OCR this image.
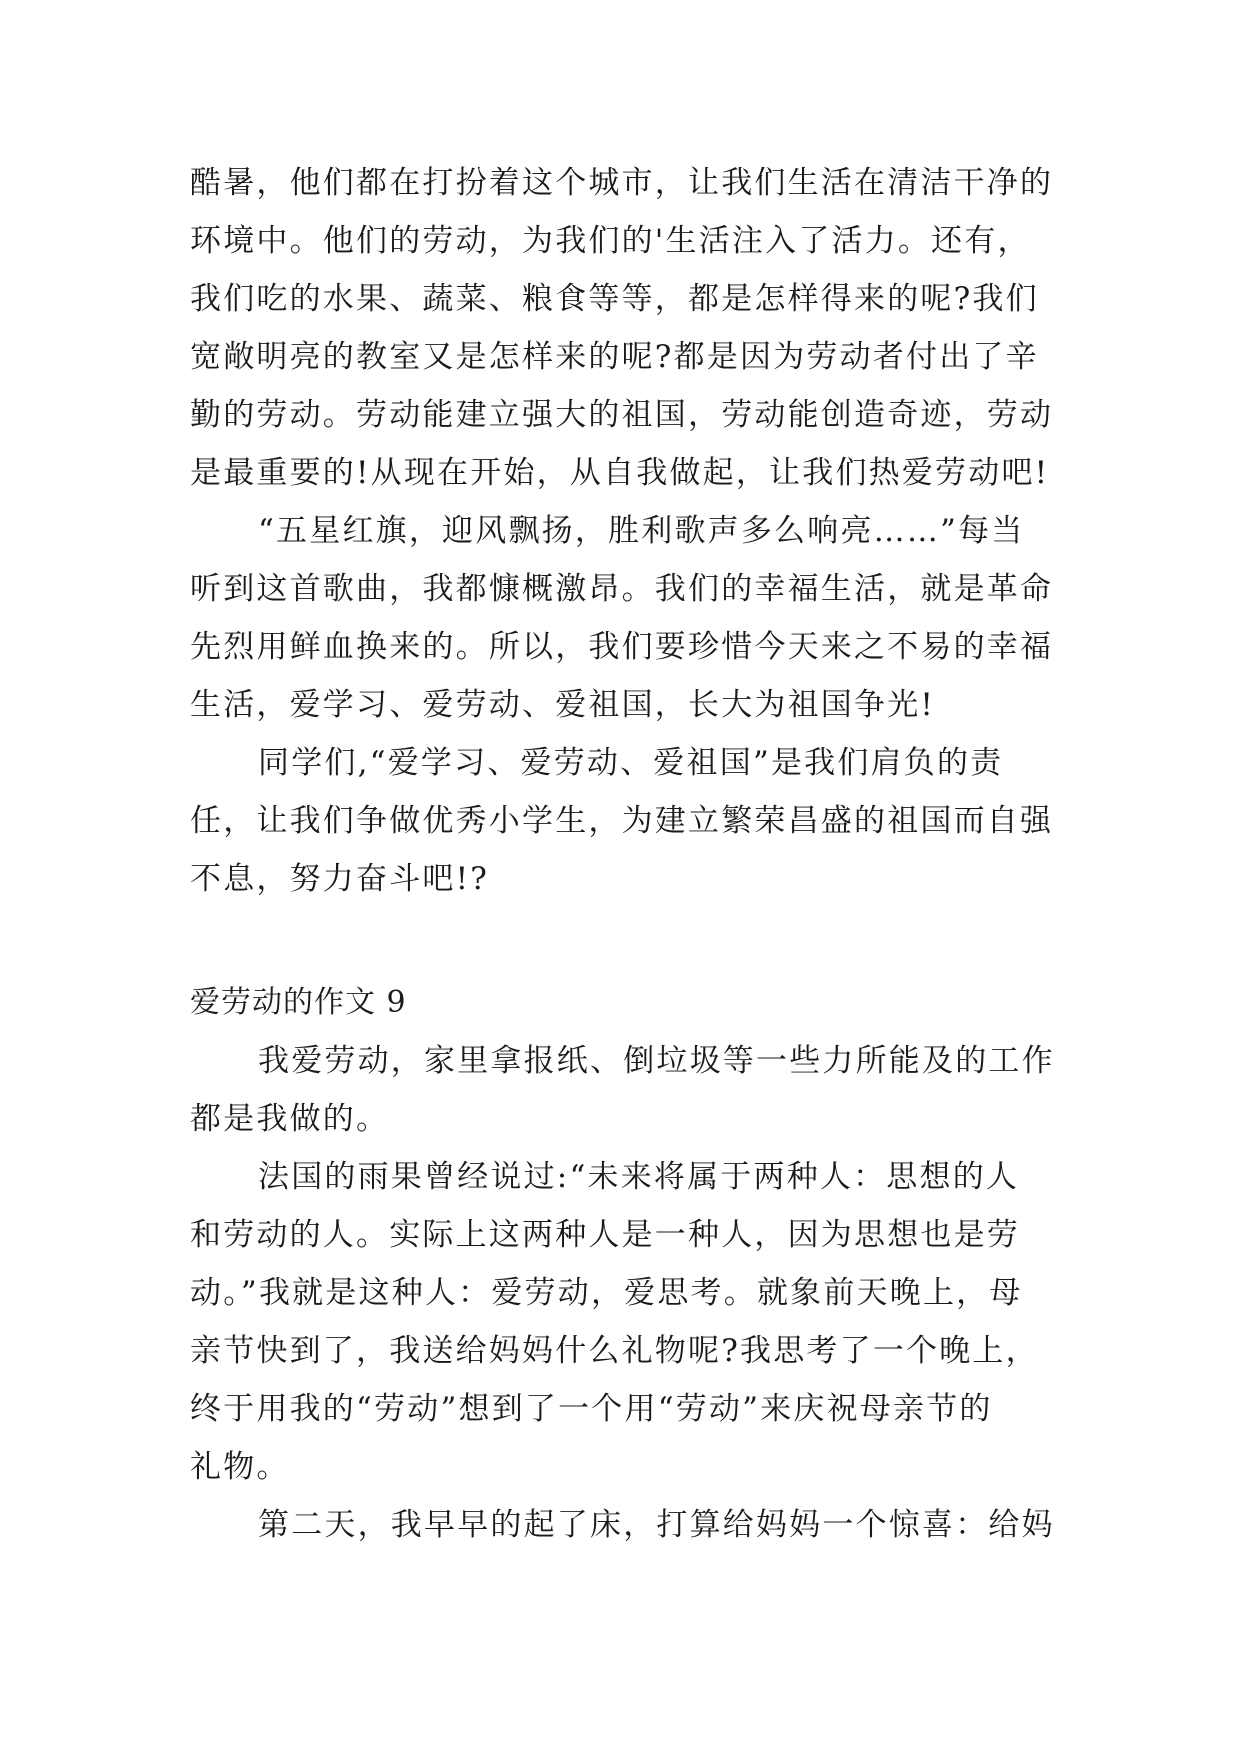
酷暑，他们都在打扮着这个城市，让我们生活在清洁干净的
环境中。他们的劳动，为我们的'生活注入了活力。还有，
我们吃的水果、蔬菜、粮食等等，都是怎样得来的呢?我们
宽敞明亮的教室又是怎样来的呢?都是因为劳动者付出了辛
勤的劳动。劳动能建立强大的祖国，劳动能创造奇迹，劳动
是最重要的!从现在开始，从自我做起，让我们热爱劳动吧!
“五星红旗，迎风飘扬，胜利歌声多么响亮……”每当
听到这首歌曲，我都慷概激昂。我们的幸福生活，就是革命
先烈用鲜血换来的。所以，我们要珍惜今天来之不易的幸福
生活，爱学习、爱劳动、爱祖国，长大为祖国争光!
同学们,“爱学习、爱劳动、爱祖国”是我们肩负的责
任，让我们争做优秀小学生，为建立繁荣昌盛的祖国而自强
不息，努力奋斗吧!?
爱劳动的作文 9
我爱劳动，家里拿报纸、倒垃圾等一些力所能及的工作
都是我做的。
法国的雨果曾经说过:“未来将属于两种人：思想的人
和劳动的人。实际上这两种人是一种人，因为思想也是劳
动。”我就是这种人：爱劳动，爱思考。就象前天晚上，母
亲节快到了，我送给妈妈什么礼物呢?我思考了一个晚上，
终于用我的“劳动”想到了一个用“劳动”来庆祝母亲节的
礼物。
第二天，我早早的起了床，打算给妈妈一个惊喜：给妈
